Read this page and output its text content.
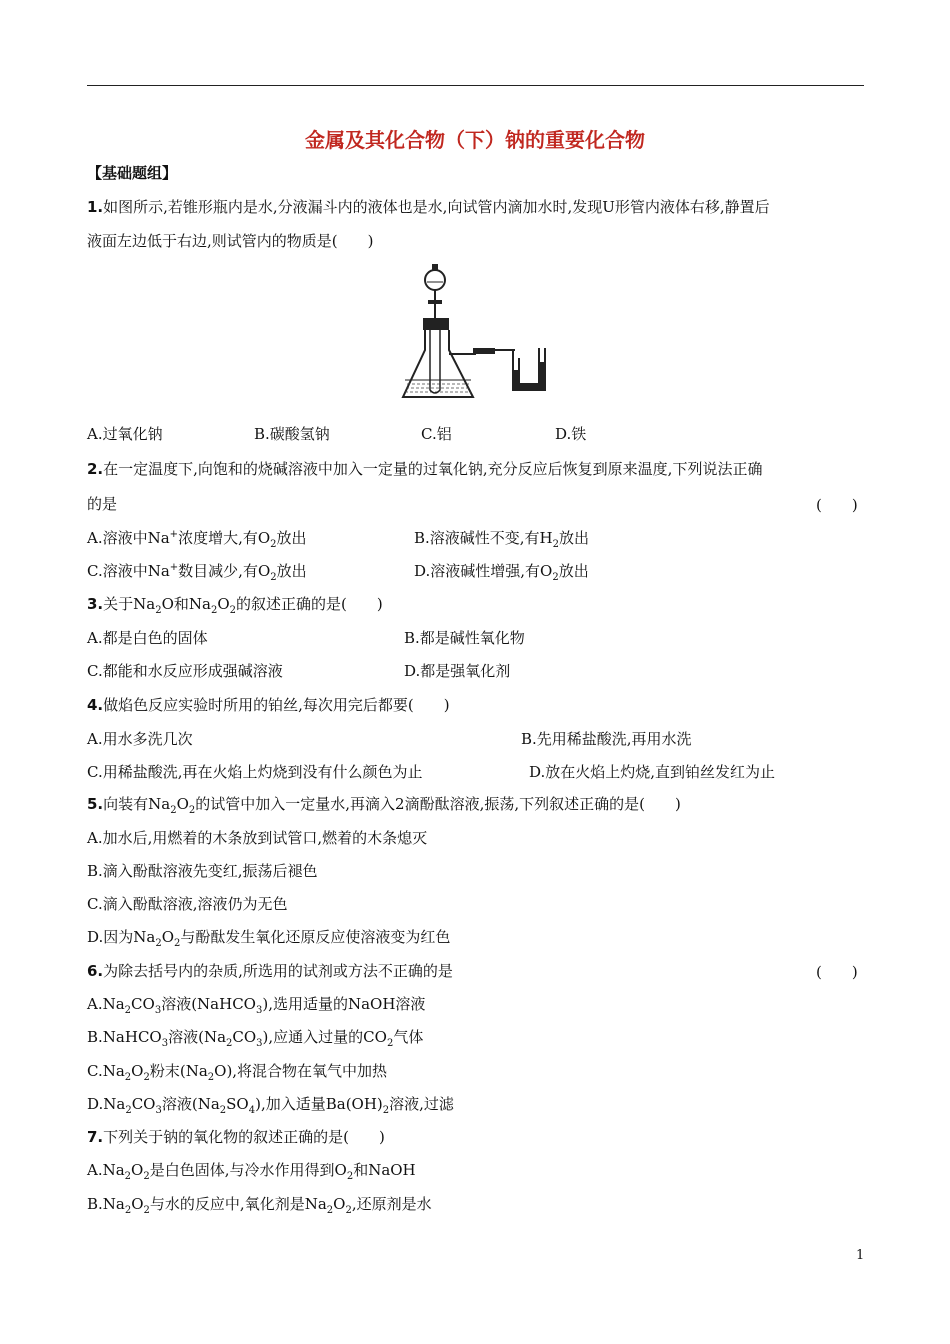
金属及其化合物（下）钠的重要化合物
【基础题组】
1.如图所示,若锥形瓶内是水,分液漏斗内的液体也是水,向试管内滴加水时,发现U形管内液体右移,静置后
液面左边低于右边,则试管内的物质是(　　)
A.过氧化钠	B.碳酸氢钠	C.铝	D.铁
2.在一定温度下,向饱和的烧碱溶液中加入一定量的过氧化钠,充分反应后恢复到原来温度,下列说法正确
的是	(　　)
A.溶液中Na+浓度增大,有$O_2$放出	B.溶液碱性不变,有$H_2$放出
C.溶液中Na+数目减少,有$O_2$放出	D.溶液碱性增强,有$O_2$放出
3.关于$Na_2O$和$Na_2O_2$的叙述正确的是(　　)
A.都是白色的固体	B.都是碱性氧化物
C.都能和水反应形成强碱溶液	D.都是强氧化剂
4.做焰色反应实验时所用的铂丝,每次用完后都要(　　)
A.用水多洗几次	B.先用稀盐酸洗,再用水洗
C.用稀盐酸洗,再在火焰上灼烧到没有什么颜色为止	D.放在火焰上灼烧,直到铂丝发红为止
5.向装有$Na_2O_2$的试管中加入一定量水,再滴入2滴酚酞溶液,振荡,下列叙述正确的是(　　)
A.加水后,用燃着的木条放到试管口,燃着的木条熄灭
B.滴入酚酞溶液先变红,振荡后褪色
C.滴入酚酞溶液,溶液仍为无色
D.因为$Na_2O_2$与酚酞发生氧化还原反应使溶液变为红色
6.为除去括号内的杂质,所选用的试剂或方法不正确的是	(　　)
$A.Na_2CO_3$溶液(NaHCO$_3$),选用适量的NaOH溶液
B.NaHCO$_3$溶液$(Na_2CO_3)$,应通入过量的$CO_2$气体
$C.Na_2O_2$粉末$(Na_2O)$,将混合物在氧气中加热
$D.Na_2CO_3$溶液$(Na_2SO_4)$,加入适量$Ba(OH)_2$溶液,过滤
7.下列关于钠的氧化物的叙述正确的是(　　)
$A.Na_2O_2$是白色固体,与冷水作用得到$O_2$和NaOH
$B.Na_2O_2$与水的反应中,氧化剂是$Na_2O_2$,还原剂是水
1
